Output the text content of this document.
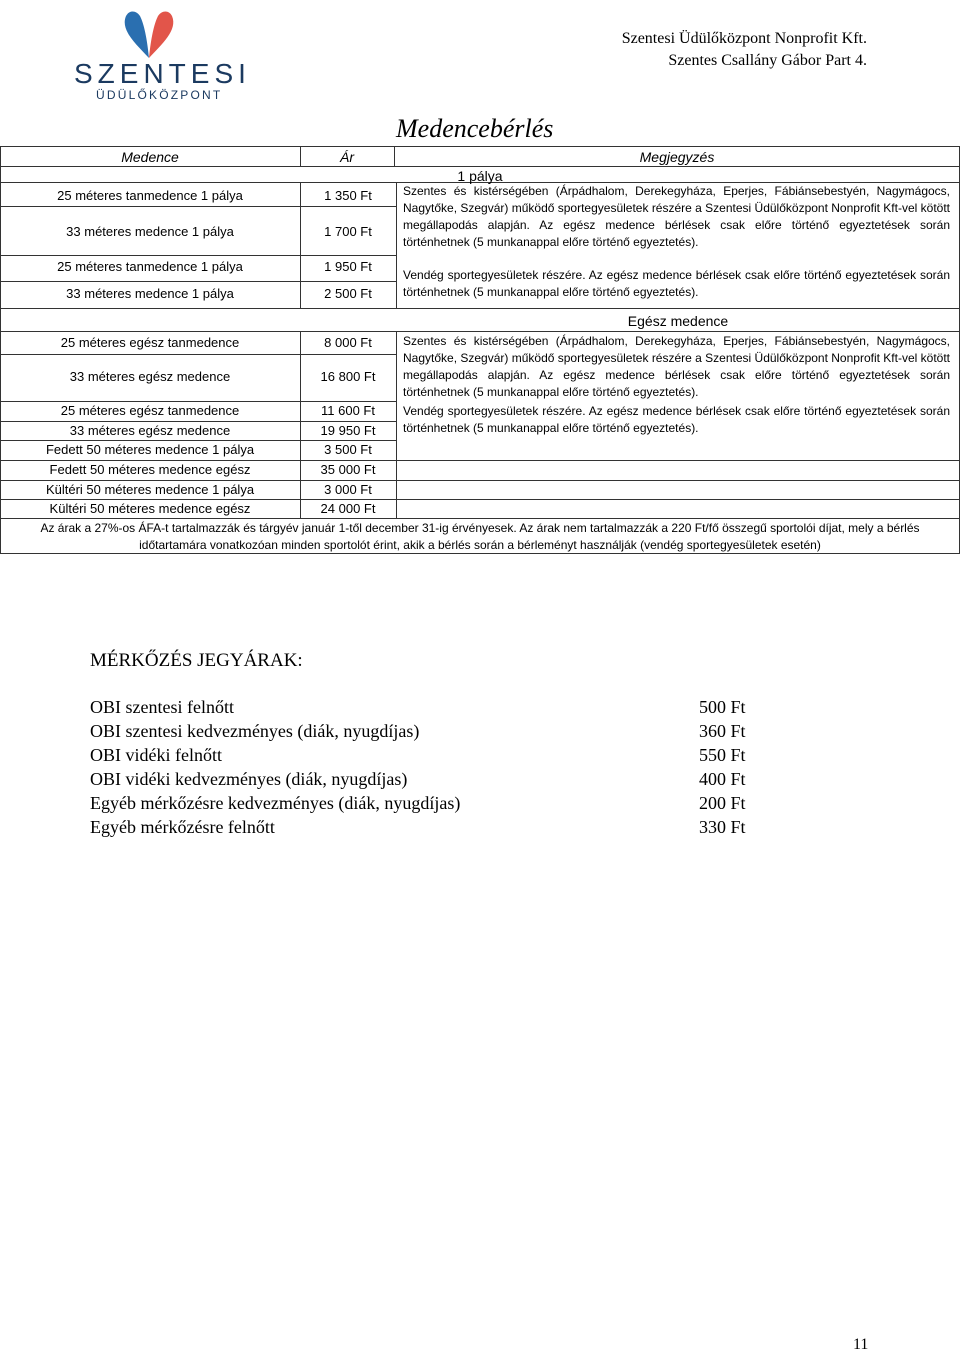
SZENTESI
ÜDÜLŐKÖZPONT
Szentesi Üdülőközpont Nonprofit Kft.
Szentes Csallány Gábor Part 4.
Medencebérlés
Medence	Ár	Megjegyzés
1 pálya
25 méteres tanmedence 1 pálya	1 350 Ft
33 méteres medence 1 pálya	1 700 Ft
25 méteres tanmedence 1 pálya	1 950 Ft
33 méteres medence 1 pálya	2 500 Ft
Szentes és kistérségében (Árpádhalom, Derekegyháza, Eperjes, Fábiánsebestyén, Nagymágocs, Nagytőke, Szegvár) működő sportegyesületek részére a Szentesi Üdülőközpont Nonprofit Kft-vel kötött megállapodás alapján. Az egész medence bérlések csak előre történő egyeztetések során történhetnek (5 munkanappal előre történő egyeztetés).
Vendég sportegyesületek részére. Az egész medence bérlések csak előre történő egyeztetések során történhetnek (5 munkanappal előre történő egyeztetés).
Egész medence
25 méteres egész tanmedence	8 000 Ft
33 méteres egész medence	16 800 Ft
25 méteres egész tanmedence	11 600 Ft
33 méteres egész medence	19 950 Ft
Fedett 50 méteres medence 1 pálya	3 500 Ft
Fedett 50 méteres medence egész	35 000 Ft
Kültéri 50 méteres medence 1 pálya	3 000 Ft
Kültéri 50 méteres medence egész	24 000 Ft
Szentes és kistérségében (Árpádhalom, Derekegyháza, Eperjes, Fábiánsebestyén, Nagymágocs, Nagytőke, Szegvár) működő sportegyesületek részére a Szentesi Üdülőközpont Nonprofit Kft-vel kötött megállapodás alapján. Az egész medence bérlések csak előre történő egyeztetések során történhetnek (5 munkanappal előre történő egyeztetés).
Vendég sportegyesületek részére. Az egész medence bérlések csak előre történő egyeztetések során történhetnek (5 munkanappal előre történő egyeztetés).
Az árak a 27%-os ÁFA-t tartalmazzák és tárgyév január 1-től december 31-ig érvényesek. Az árak nem tartalmazzák a 220 Ft/fő összegű sportolói díjat, mely a bérlés
időtartamára vonatkozóan minden sportolót érint, akik a bérlés során a bérleményt használják (vendég sportegyesületek esetén)
MÉRKŐZÉS JEGYÁRAK:
OBI szentesi felnőtt	500 Ft
OBI szentesi kedvezményes (diák, nyugdíjas)	360 Ft
OBI vidéki felnőtt	550 Ft
OBI vidéki kedvezményes (diák, nyugdíjas)	400 Ft
Egyéb mérkőzésre kedvezményes (diák, nyugdíjas)	200 Ft
Egyéb mérkőzésre felnőtt	330 Ft
11
